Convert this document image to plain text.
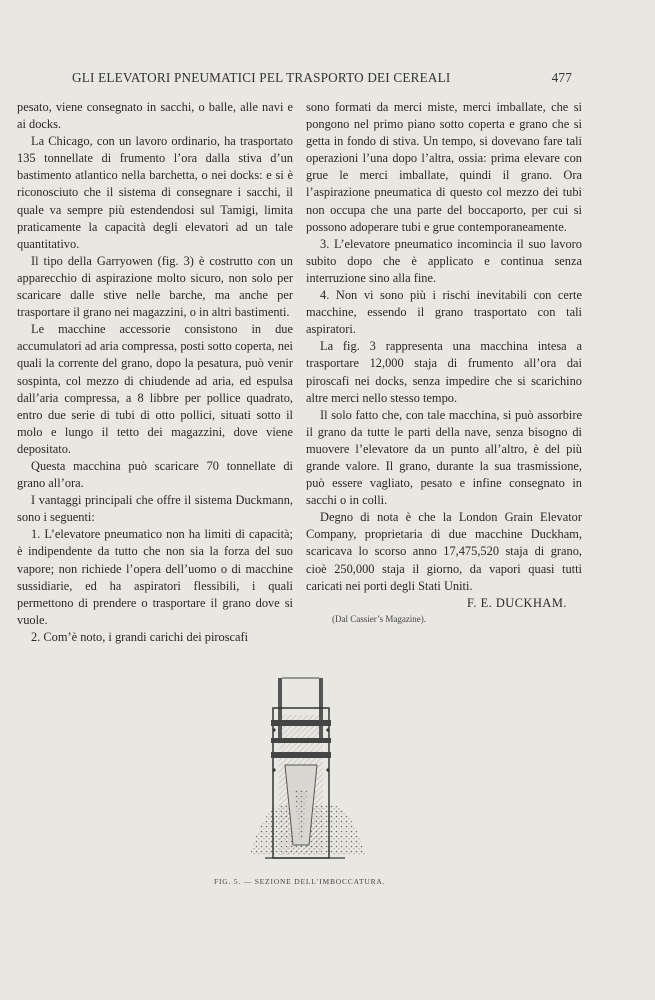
GLI ELEVATORI PNEUMATICI PEL TRASPORTO DEI CEREALI	477

pesato, viene consegnato in sacchi, o balle, alle navi e ai docks.

La Chicago, con un lavoro ordinario, ha trasportato 135 tonnellate di frumento l’ora dalla stiva d’un bastimento atlantico nella barchetta, o nei docks: e si è riconosciuto che il sistema di consegnare i sacchi, il quale va sempre più estendendosi sul Tamigi, limita praticamente la capacità degli elevatori ad un tale quantitativo.

Il tipo della Garryowen (fig. 3) è costrutto con un apparecchio di aspirazione molto sicuro, non solo per scaricare dalle stive nelle barche, ma anche per trasportare il grano nei magazzini, o in altri bastimenti.

Le macchine accessorie consistono in due accumulatori ad aria compressa, posti sotto coperta, nei quali la corrente del grano, dopo la pesatura, può venir sospinta, col mezzo di chiudende ad aria, ed espulsa dall’aria compressa, a 8 libbre per pollice quadrato, entro due serie di tubi di otto pollici, situati sotto il molo e lungo il tetto dei magazzini, dove viene depositato.

Questa macchina può scaricare 70 tonnellate di grano all’ora.

I vantaggi principali che offre il sistema Duckmann, sono i seguenti:

1. L’elevatore pneumatico non ha limiti di capacità; è indipendente da tutto che non sia la forza del suo vapore; non richiede l’opera dell’uomo o di macchine sussidiarie, ed ha aspiratori flessibili, i quali permettono di prendere o trasportare il grano dove si vuole.

2. Com’è noto, i grandi carichi dei piroscafi

sono formati da merci miste, merci imballate, che si pongono nel primo piano sotto coperta e grano che si getta in fondo di stiva. Un tempo, si dovevano fare tali operazioni l’una dopo l’altra, ossia: prima elevare con grue le merci imballate, quindi il grano. Ora l’aspirazione pneumatica di questo col mezzo dei tubi non occupa che una parte del boccaporto, per cui si possono adoperare tubi e grue contemporaneamente.

3. L’elevatore pneumatico incomincia il suo lavoro subito dopo che è applicato e continua senza interruzione sino alla fine.

4. Non vi sono più i rischi inevitabili con certe macchine, essendo il grano trasportato con tali aspiratori.

La fig. 3 rappresenta una macchina intesa a trasportare 12,000 staja di frumento all’ora dai piroscafi nei docks, senza impedire che si scarichino altre merci nello stesso tempo.

Il solo fatto che, con tale macchina, si può assorbire il grano da tutte le parti della nave, senza bisogno di muovere l’elevatore da un punto all’altro, è del più grande valore. Il grano, durante la sua trasmissione, può essere vagliato, pesato e infine consegnato in sacchi o in colli.

Degno di nota è che la London Grain Elevator Company, proprietaria di due macchine Duckham, scaricava lo scorso anno 17,475,520 staja di grano, cioè 250,000 staja il giorno, da vapori quasi tutti caricati nei porti degli Stati Uniti.

F. E. DUCKHAM.
(Dal Cassier’s Magazine).
FIG. 5. — SEZIONE DELL’IMBOCCATURA.
